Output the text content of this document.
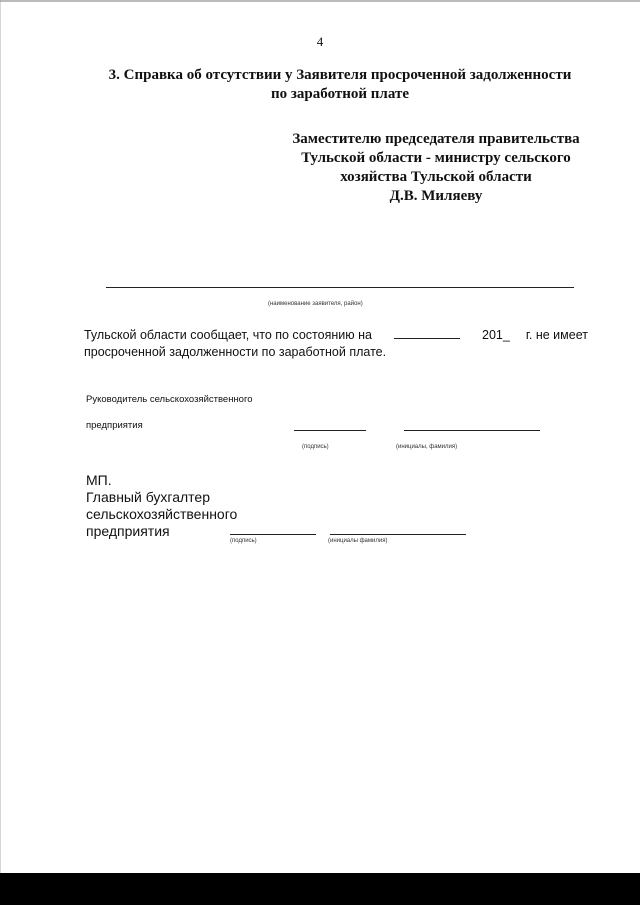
4
3. Справка об отсутствии у Заявителя просроченной задолженности
по заработной плате
Заместителю председателя правительства
Тульской области - министру сельского
хозяйства Тульской области
Д.В. Миляеву
(наименование заявителя, район)
Тульской области сообщает, что по состоянию на	201_ г. не имеет
просроченной задолженности по заработной плате.
Руководитель сельскохозяйственного
предприятия
(подпись)	(инициалы, фамилия)
МП.
Главный бухгалтер
сельскохозяйственного
предприятия
(подпись)	(инициалы фамилия)
